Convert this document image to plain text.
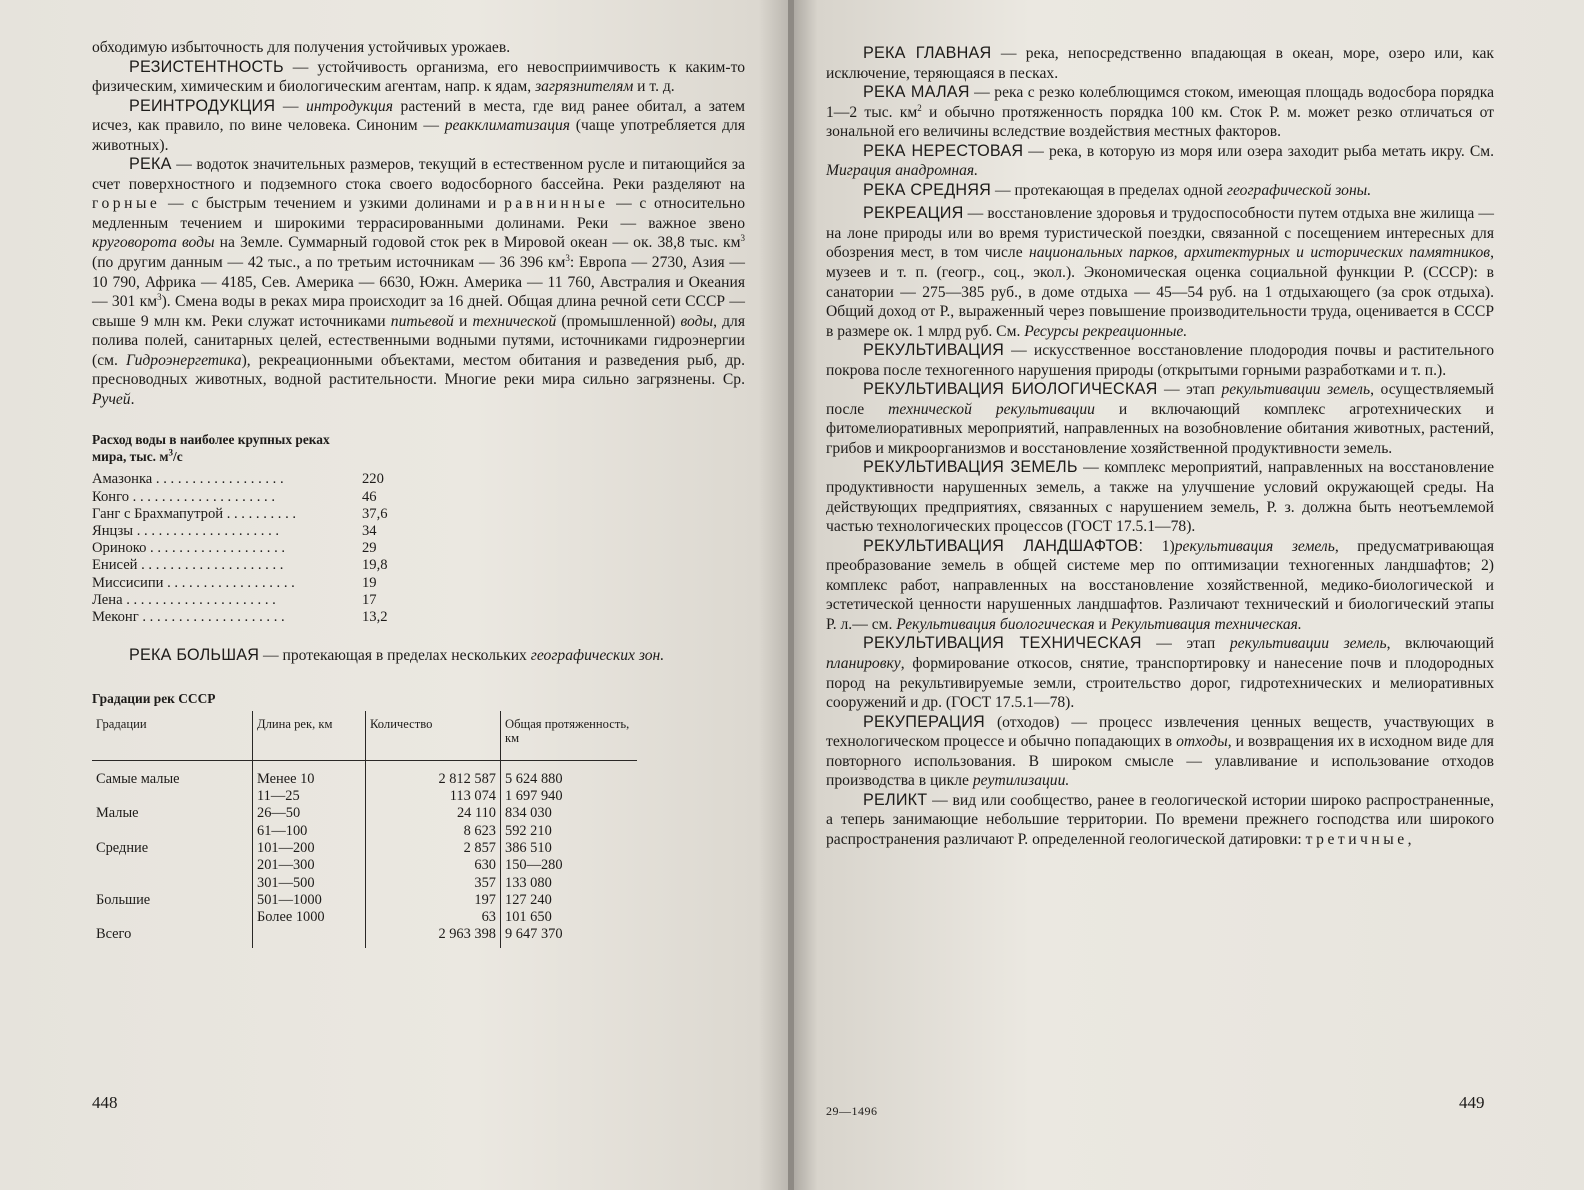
обходимую избыточность для получения устойчивых урожаев.

РЕЗИСТЕНТНОСТЬ — устойчивость организма, его невосприимчивость к каким-то физическим, химическим и биологическим агентам, напр. к ядам, загрязнителям и т. д.

РЕИНТРОДУКЦИЯ — интродукция растений в места, где вид ранее обитал, а затем исчез, как правило, по вине человека. Синоним — реакклиматизация (чаще употребляется для животных).

РЕКА — водоток значительных размеров, текущий в естественном русле и питающийся за счет поверхностного и подземного стока своего водосборного бассейна. Реки разделяют на горные — с быстрым течением и узкими долинами и равнинные — с относительно медленным течением и широкими террасированными долинами. Реки — важное звено круговорота воды на Земле. Суммарный годовой сток рек в Мировой океан — ок. 38,8 тыс. $км^3$ (по другим данным — 42 тыс., а по третьим источникам — 36 396 $км^3$: Европа — 2730, Азия — 10 790, Африка — 4185, Сев. Америка — 6630, Южн. Америка — 11 760, Австралия и Океания — 301 $км^3$). Смена воды в реках мира происходит за 16 дней. Общая длина речной сети СССР — свыше 9 млн км. Реки служат источниками питьевой и технической (промышленной) воды, для полива полей, санитарных целей, естественными водными путями, источниками гидроэнергии (см. Гидроэнергетика), рекреационными объектами, местом обитания и разведения рыб, др. пресноводных животных, водной растительности. Многие реки мира сильно загрязнены. Ср. Ручей.

Расход воды в наиболее крупных реках
мира, тыс. $м^3/с$

Амазонка . . . . . . . . . . . . . . . . . .	220
Конго . . . . . . . . . . . . . . . . . . . .	46
Ганг с Брахмапутрой . . . . . . . . . .	37,6
Янцзы . . . . . . . . . . . . . . . . . . . .	34
Ориноко . . . . . . . . . . . . . . . . . . .	29
Енисей . . . . . . . . . . . . . . . . . . . .	19,8
Миссисипи . . . . . . . . . . . . . . . . . .	19
Лена . . . . . . . . . . . . . . . . . . . . .	17
Меконг . . . . . . . . . . . . . . . . . . . .	13,2

РЕКА БОЛЬШАЯ — протекающая в пределах нескольких географических зон.

Градации рек СССР

Градации	Длина рек, км	Количество	Общая протяженность, км
Самые малые	Менее 10	2 812 587	5 624 880
	11—25	113 074	1 697 940
Малые	26—50	24 110	834 030
	61—100	8 623	592 210
Средние	101—200	2 857	386 510
	201—300	630	150—280
	301—500	357	133 080
Большие	501—1000	197	127 240
	Более 1000	63	101 650
Всего		2 963 398	9 647 370
448

РЕКА ГЛАВНАЯ — река, непосредственно впадающая в океан, море, озеро или, как исключение, теряющаяся в песках.

РЕКА МАЛАЯ — река с резко колеблющимся стоком, имеющая площадь водосбора порядка 1—2 тыс. $км^2$ и обычно протяженность порядка 100 км. Сток Р. м. может резко отличаться от зональной его величины вследствие воздействия местных факторов.

РЕКА НЕРЕСТОВАЯ — река, в которую из моря или озера заходит рыба метать икру. См. Миграция анадромная.

РЕКА СРЕДНЯЯ — протекающая в пределах одной географической зоны.

РЕКРЕАЦИЯ — восстановление здоровья и трудоспособности путем отдыха вне жилища — на лоне природы или во время туристической поездки, связанной с посещением интересных для обозрения мест, в том числе национальных парков, архитектурных и исторических памятников, музеев и т. п. (геогр., соц., экол.). Экономическая оценка социальной функции Р. (СССР): в санатории — 275—385 руб., в доме отдыха — 45—54 руб. на 1 отдыхающего (за срок отдыха). Общий доход от Р., выраженный через повышение производительности труда, оценивается в СССР в размере ок. 1 млрд руб. См. Ресурсы рекреационные.

РЕКУЛЬТИВАЦИЯ — искусственное восстановление плодородия почвы и растительного покрова после техногенного нарушения природы (открытыми горными разработками и т. п.).

РЕКУЛЬТИВАЦИЯ БИОЛОГИЧЕСКАЯ — этап рекультивации земель, осуществляемый после технической рекультивации и включающий комплекс агротехнических и фитомелиоративных мероприятий, направленных на возобновление обитания животных, растений, грибов и микроорганизмов и восстановление хозяйственной продуктивности земель.

РЕКУЛЬТИВАЦИЯ ЗЕМЕЛЬ — комплекс мероприятий, направленных на восстановление продуктивности нарушенных земель, а также на улучшение условий окружающей среды. На действующих предприятиях, связанных с нарушением земель, Р. з. должна быть неотъемлемой частью технологических процессов (ГОСТ 17.5.1—78).

РЕКУЛЬТИВАЦИЯ ЛАНДШАФТОВ: 1)рекультивация земель, предусматривающая преобразование земель в общей системе мер по оптимизации техногенных ландшафтов; 2) комплекс работ, направленных на восстановление хозяйственной, медико-биологической и эстетической ценности нарушенных ландшафтов. Различают технический и биологический этапы Р. л.— см. Рекультивация биологическая и Рекультивация техническая.

РЕКУЛЬТИВАЦИЯ ТЕХНИЧЕСКАЯ — этап рекультивации земель, включающий планировку, формирование откосов, снятие, транспортировку и нанесение почв и плодородных пород на рекультивируемые земли, строительство дорог, гидротехнических и мелиоративных сооружений и др. (ГОСТ 17.5.1—78).

РЕКУПЕРАЦИЯ (отходов) — процесс извлечения ценных веществ, участвующих в технологическом процессе и обычно попадающих в отходы, и возвращения их в исходном виде для повторного использования. В широком смысле — улавливание и использование отходов производства в цикле реутилизации.

РЕЛИКТ — вид или сообщество, ранее в геологической истории широко распространенные, а теперь занимающие небольшие территории. По времени прежнего господства или широкого распространения различают Р. определенной геологической датировки: третичные,

29—1496	449
